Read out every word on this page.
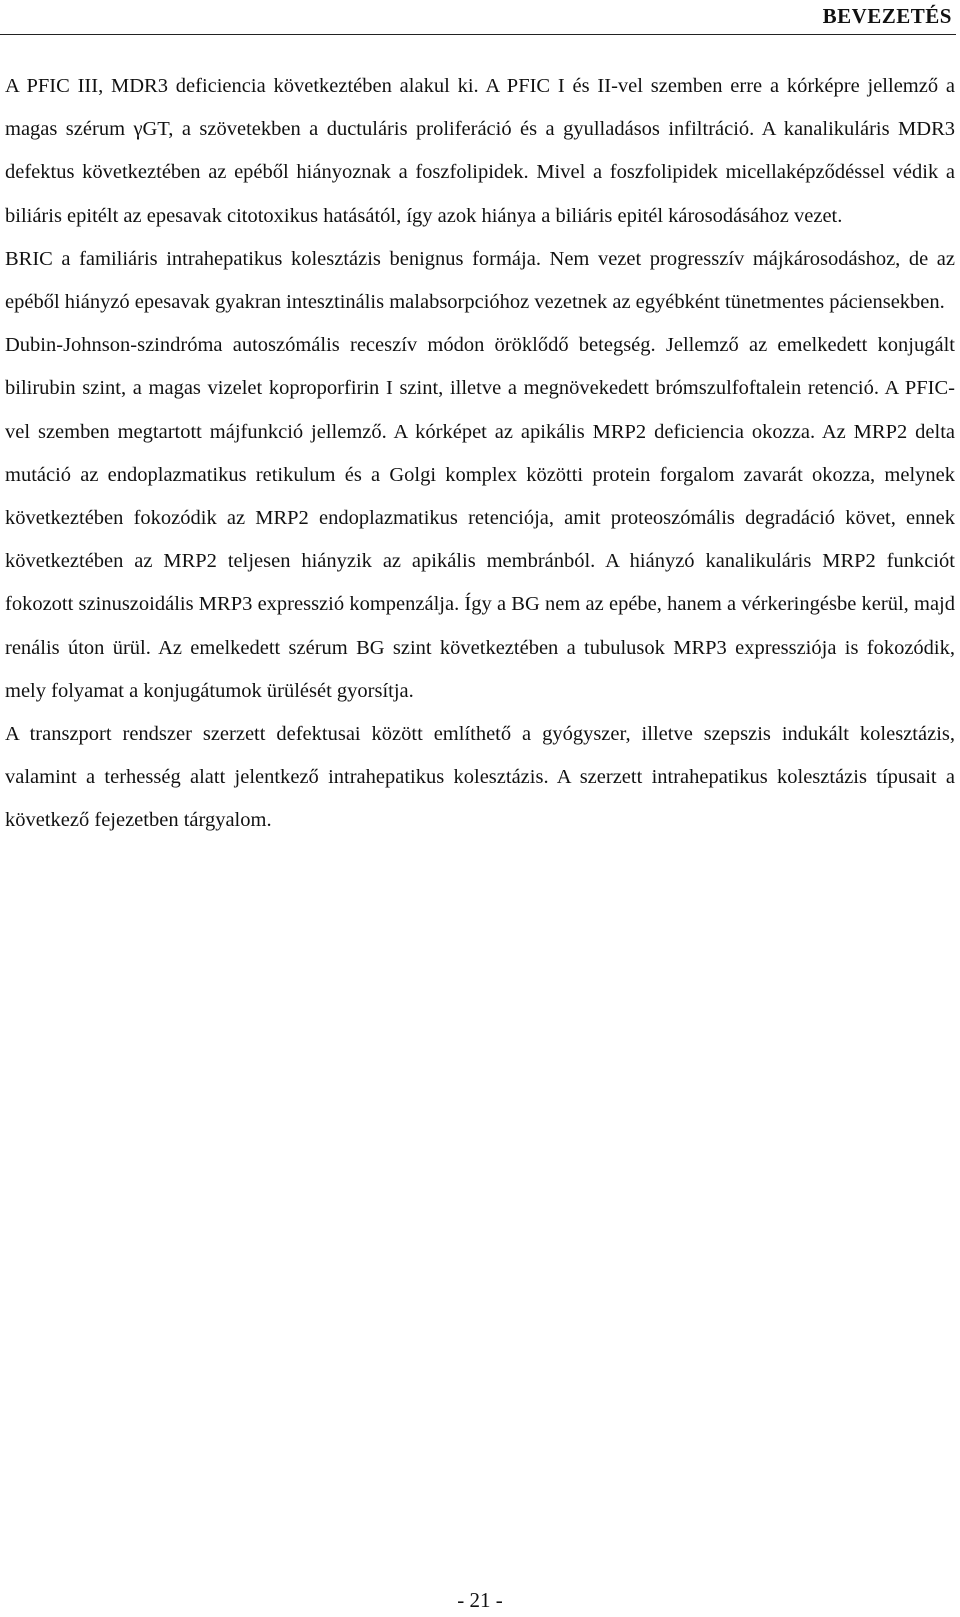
BEVEZETÉS

A PFIC III, MDR3 deficiencia következtében alakul ki. A PFIC I és II-vel szemben erre a kórképre jellemző a magas szérum γGT, a szövetekben a ductuláris proliferáció és a gyulladásos infiltráció. A kanalikuláris MDR3 defektus következtében az epéből hiányoznak a foszfolipidek. Mivel a foszfolipidek micellaképződéssel védik a biliáris epitélt az epesavak citotoxikus hatásától, így azok hiánya a biliáris epitél károsodásához vezet.

BRIC a familiáris intrahepatikus kolesztázis benignus formája. Nem vezet progresszív májkárosodáshoz, de az epéből hiányzó epesavak gyakran intesztinális malabsorpcióhoz vezetnek az egyébként tünetmentes páciensekben.

Dubin-Johnson-szindróma autoszómális receszív módon öröklődő betegség. Jellemző az emelkedett konjugált bilirubin szint, a magas vizelet koproporfirin I szint, illetve a megnövekedett brómszulfoftalein retenció. A PFIC-vel szemben megtartott májfunkció jellemző. A kórképet az apikális MRP2 deficiencia okozza. Az MRP2 delta mutáció az endoplazmatikus retikulum és a Golgi komplex közötti protein forgalom zavarát okozza, melynek következtében fokozódik az MRP2 endoplazmatikus retenciója, amit proteoszómális degradáció követ, ennek következtében az MRP2 teljesen hiányzik az apikális membránból. A hiányzó kanalikuláris MRP2 funkciót fokozott szinuszoidális MRP3 expresszió kompenzálja. Így a BG nem az epébe, hanem a vérkeringésbe kerül, majd renális úton ürül. Az emelkedett szérum BG szint következtében a tubulusok MRP3 expressziója is fokozódik, mely folyamat a konjugátumok ürülését gyorsítja.

A transzport rendszer szerzett defektusai között említhető a gyógyszer, illetve szepszis indukált kolesztázis, valamint a terhesség alatt jelentkező intrahepatikus kolesztázis. A szerzett intrahepatikus kolesztázis típusait a következő fejezetben tárgyalom.

- 21 -
